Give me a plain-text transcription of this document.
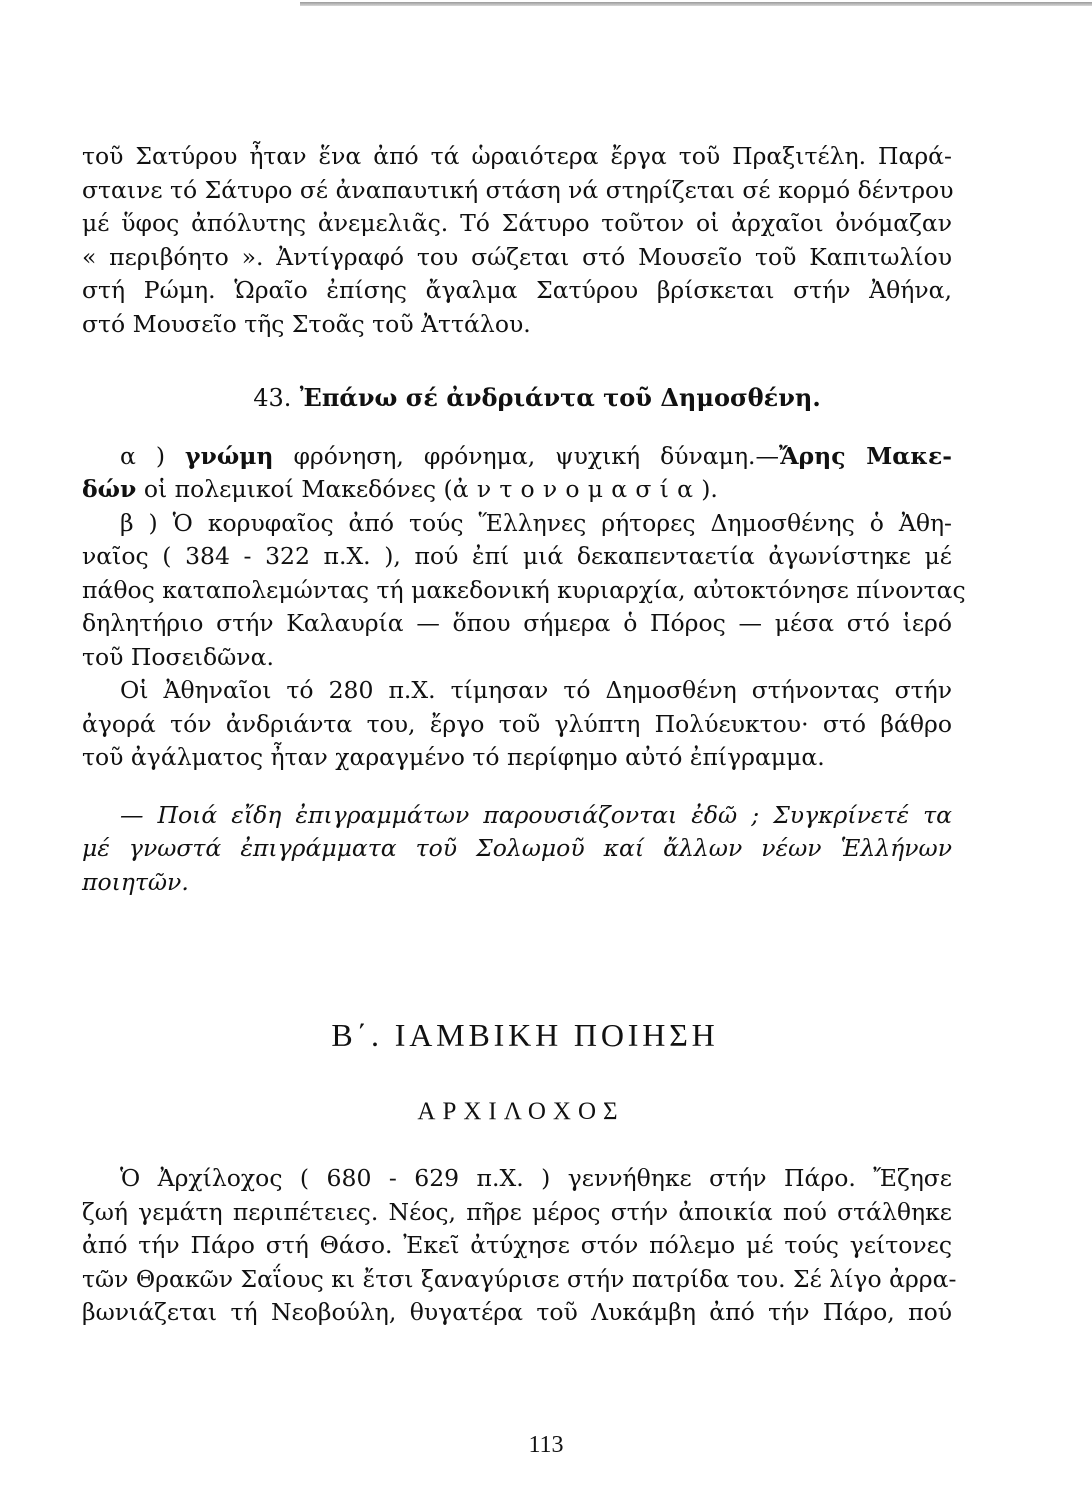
τοῦ Σατύρου ἦταν ἕνα ἀπό τά ὡραιότερα ἔργα τοῦ Πραξιτέλη. Παρά-
σταινε τό Σάτυρο σέ ἀναπαυτική στάση νά στηρίζεται σέ κορμό δέντρου
μέ ὕφος ἀπόλυτης ἀνεμελιᾶς. Τό Σάτυρο τοῦτον οἱ ἀρχαῖοι ὀνόμαζαν
« περιβόητο ». Ἀντίγραφό του σώζεται στό Μουσεῖο τοῦ Καπιτωλίου
στή Ρώμη. Ὡραῖο ἐπίσης ἄγαλμα Σατύρου βρίσκεται στήν Ἀθήνα,
στό Μουσεῖο τῆς Στοᾶς τοῦ Ἀττάλου.
43. Ἐπάνω σέ ἀνδριάντα τοῦ Δημοσθένη.
α ) γνώμη φρόνηση, φρόνημα, ψυχική δύναμη.—Ἄρης Μακε-
δών οἱ πολεμικοί Μακεδόνες (ἀντονομασία).
β ) Ὁ κορυφαῖος ἀπό τούς Ἕλληνες ρήτορες Δημοσθένης ὁ Ἀθη-
ναῖος ( 384 - 322 π.Χ. ), πού ἐπί μιά δεκαπενταετία ἀγωνίστηκε μέ
πάθος καταπολεμώντας τή μακεδονική κυριαρχία, αὐτοκτόνησε πίνοντας
δηλητήριο στήν Καλαυρία — ὅπου σήμερα ὁ Πόρος — μέσα στό ἱερό
τοῦ Ποσειδῶνα.
Οἱ Ἀθηναῖοι τό 280 π.Χ. τίμησαν τό Δημοσθένη στήνοντας στήν
ἀγορά τόν ἀνδριάντα του, ἔργο τοῦ γλύπτη Πολύευκτου· στό βάθρο
τοῦ ἀγάλματος ἦταν χαραγμένο τό περίφημο αὐτό ἐπίγραμμα.
— Ποιά εἴδη ἐπιγραμμάτων παρουσιάζονται ἐδῶ ; Συγκρίνετέ τα
μέ γνωστά ἐπιγράμματα τοῦ Σολωμοῦ καί ἄλλων νέων Ἑλλήνων
ποιητῶν.
Β΄. ΙΑΜΒΙΚΗ ΠΟΙΗΣΗ
ΑΡΧΙΛΟΧΟΣ
Ὁ Ἀρχίλοχος ( 680 - 629 π.Χ. ) γεννήθηκε στήν Πάρο. Ἔζησε
ζωή γεμάτη περιπέτειες. Νέος, πῆρε μέρος στήν ἀποικία πού στάλθηκε
ἀπό τήν Πάρο στή Θάσο. Ἐκεῖ ἀτύχησε στόν πόλεμο μέ τούς γείτονες
τῶν Θρακῶν Σαΐους κι ἔτσι ξαναγύρισε στήν πατρίδα του. Σέ λίγο ἀρρα-
βωνιάζεται τή Νεοβούλη, θυγατέρα τοῦ Λυκάμβη ἀπό τήν Πάρο, πού
113
